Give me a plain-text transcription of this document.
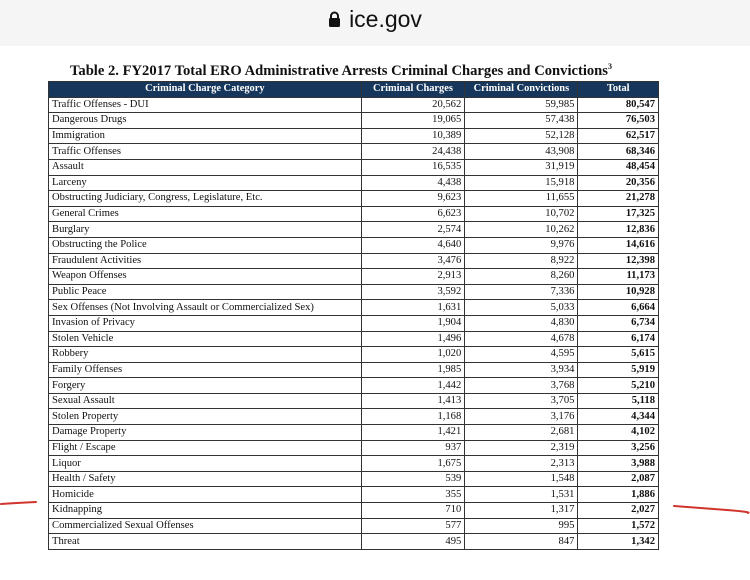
ice.gov
Table 2. FY2017 Total ERO Administrative Arrests Criminal Charges and Convictions$^3$
Criminal Charge Category	Criminal Charges	Criminal Convictions	Total
Traffic Offenses - DUI	20,562	59,985	80,547
Dangerous Drugs	19,065	57,438	76,503
Immigration	10,389	52,128	62,517
Traffic Offenses	24,438	43,908	68,346
Assault	16,535	31,919	48,454
Larceny	4,438	15,918	20,356
Obstructing Judiciary, Congress, Legislature, Etc.	9,623	11,655	21,278
General Crimes	6,623	10,702	17,325
Burglary	2,574	10,262	12,836
Obstructing the Police	4,640	9,976	14,616
Fraudulent Activities	3,476	8,922	12,398
Weapon Offenses	2,913	8,260	11,173
Public Peace	3,592	7,336	10,928
Sex Offenses (Not Involving Assault or Commercialized Sex)	1,631	5,033	6,664
Invasion of Privacy	1,904	4,830	6,734
Stolen Vehicle	1,496	4,678	6,174
Robbery	1,020	4,595	5,615
Family Offenses	1,985	3,934	5,919
Forgery	1,442	3,768	5,210
Sexual Assault	1,413	3,705	5,118
Stolen Property	1,168	3,176	4,344
Damage Property	1,421	2,681	4,102
Flight / Escape	937	2,319	3,256
Liquor	1,675	2,313	3,988
Health / Safety	539	1,548	2,087
Homicide	355	1,531	1,886
Kidnapping	710	1,317	2,027
Commercialized Sexual Offenses	577	995	1,572
Threat	495	847	1,342
